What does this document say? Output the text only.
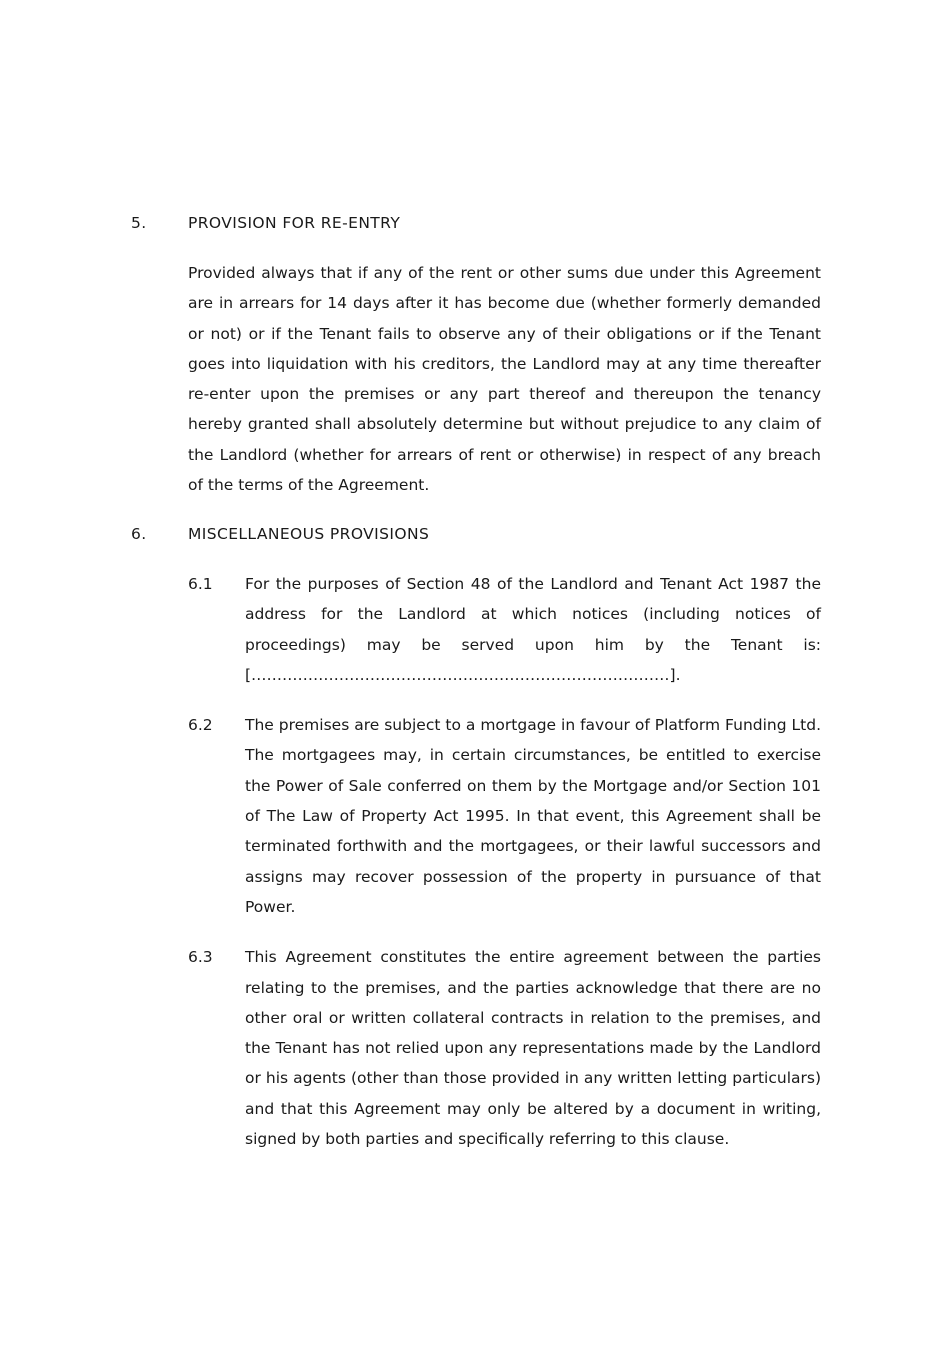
5.	PROVISION FOR RE-ENTRY
Provided always that if any of the rent or other sums due under this Agreement are in arrears for 14 days after it has become due (whether formerly demanded or not) or if the Tenant fails to observe any of their obligations or if the Tenant goes into liquidation with his creditors, the Landlord may at any time thereafter re-enter upon the premises or any part thereof and thereupon the tenancy hereby granted shall absolutely determine but without prejudice to any claim of the Landlord (whether for arrears of rent or otherwise) in respect of any breach of the terms of the Agreement.
6.	MISCELLANEOUS PROVISIONS
6.1	For the purposes of Section 48 of the Landlord and Tenant Act 1987 the address for the Landlord at which notices (including notices of proceedings) may be served upon him by the Tenant is:[………………………………………………………………………].
6.2	The premises are subject to a mortgage in favour of Platform Funding Ltd. The mortgagees may, in certain circumstances, be entitled to exercise the Power of Sale conferred on them by the Mortgage and/or Section 101 of The Law of Property Act 1995. In that event, this Agreement shall be terminated forthwith and the mortgagees, or their lawful successors and assigns may recover possession of the property in pursuance of that Power.
6.3	This Agreement constitutes the entire agreement between the parties relating to the premises, and the parties acknowledge that there are no other oral or written collateral contracts in relation to the premises, and the Tenant has not relied upon any representations made by the Landlord or his agents (other than those provided in any written letting particulars) and that this Agreement may only be altered by a document in writing, signed by both parties and specifically referring to this clause.
